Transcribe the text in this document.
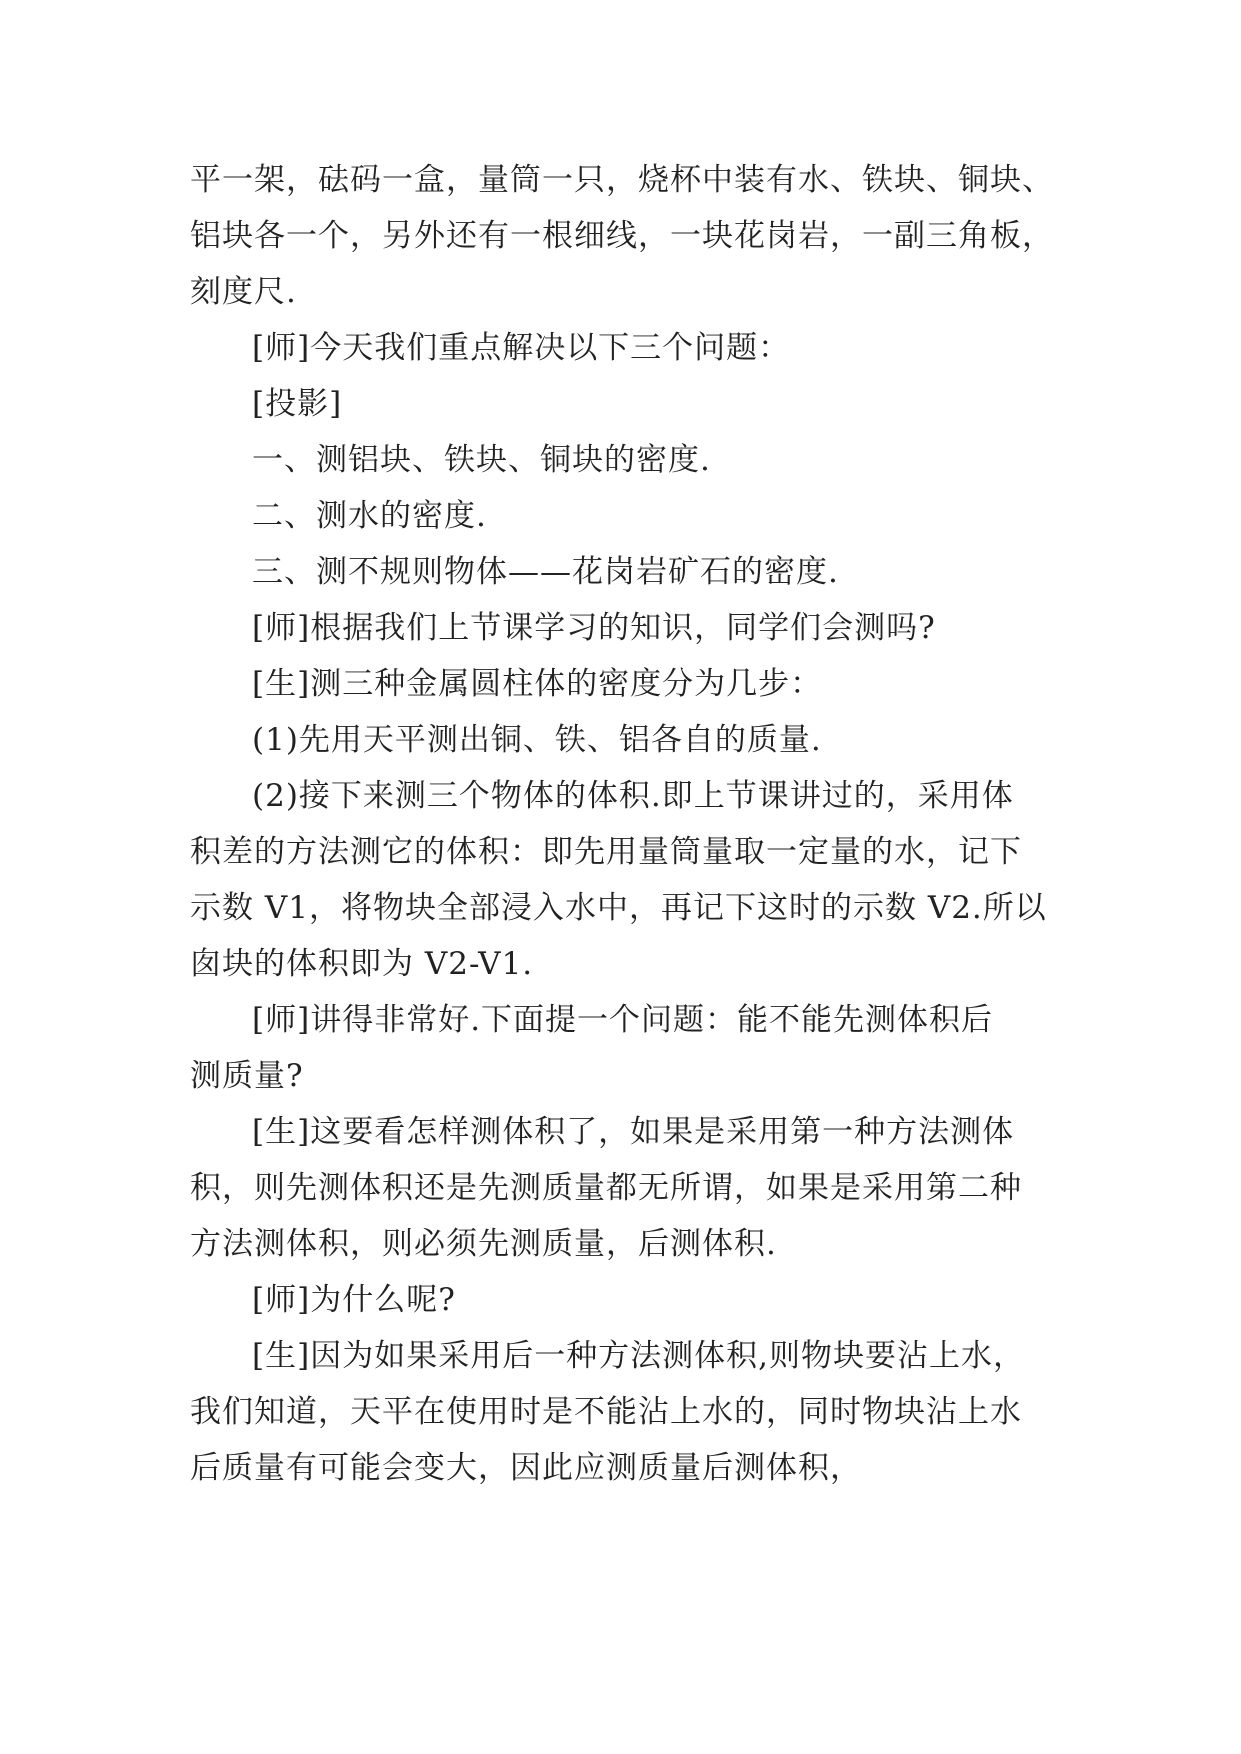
平一架，砝码一盒，量筒一只，烧杯中装有水、铁块、铜块、
铝块各一个，另外还有一根细线，一块花岗岩，一副三角板，
刻度尺.
[师]今天我们重点解决以下三个问题：
[投影]
一、测铝块、铁块、铜块的密度.
二、测水的密度.
三、测不规则物体——花岗岩矿石的密度.
[师]根据我们上节课学习的知识，同学们会测吗?
[生]测三种金属圆柱体的密度分为几步：
(1)先用天平测出铜、铁、铝各自的质量.
(2)接下来测三个物体的体积.即上节课讲过的，采用体
积差的方法测它的体积：即先用量筒量取一定量的水，记下
示数 V1，将物块全部浸入水中，再记下这时的示数 V2.所以
囱块的体积即为 V2-V1.
[师]讲得非常好.下面提一个问题：能不能先测体积后
测质量?
[生]这要看怎样测体积了，如果是采用第一种方法测体
积，则先测体积还是先测质量都无所谓，如果是采用第二种
方法测体积，则必须先测质量，后测体积.
[师]为什么呢?
[生]因为如果采用后一种方法测体积,则物块要沾上水，
我们知道，天平在使用时是不能沾上水的，同时物块沾上水
后质量有可能会变大，因此应测质量后测体积，
